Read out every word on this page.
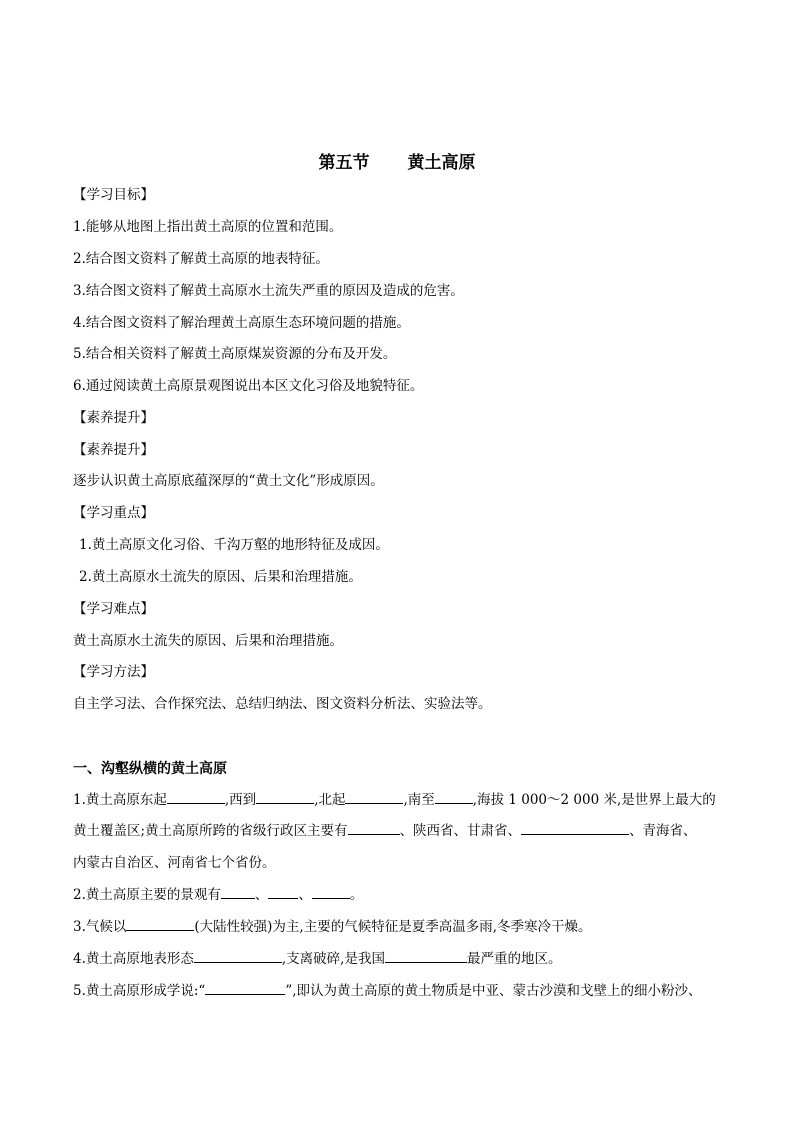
第五节 黄土高原
【学习目标】
1.能够从地图上指出黄土高原的位置和范围。
2.结合图文资料了解黄土高原的地表特征。
3.结合图文资料了解黄土高原水土流失严重的原因及造成的危害。
4.结合图文资料了解治理黄土高原生态环境问题的措施。
5.结合相关资料了解黄土高原煤炭资源的分布及开发。
6.通过阅读黄土高原景观图说出本区文化习俗及地貌特征。
【素养提升】
【素养提升】
逐步认识黄土高原底蕴深厚的“黄土文化”形成原因。
【学习重点】
1.黄土高原文化习俗、千沟万壑的地形特征及成因。
2.黄土高原水土流失的原因、后果和治理措施。
【学习难点】
黄土高原水土流失的原因、后果和治理措施。
【学习方法】
自主学习法、合作探究法、总结归纳法、图文资料分析法、实验法等。
一、沟壑纵横的黄土高原
1.黄土高原东起	,西到	,北起	,南至	,海拔 1 000～2 000 米,是世界上最大的
黄土覆盖区;黄土高原所跨的省级行政区主要有	、陕西省、甘肃省、	、青海省、
内蒙古自治区、河南省七个省份。
2.黄土高原主要的景观有	、 、	。
3.气候以	(大陆性较强)为主,主要的气候特征是夏季高温多雨,冬季寒冷干燥。
4.黄土高原地表形态	,支离破碎,是我国	最严重的地区。
5.黄土高原形成学说:“	”,即认为黄土高原的黄土物质是中亚、蒙古沙漠和戈壁上的细小粉沙、
